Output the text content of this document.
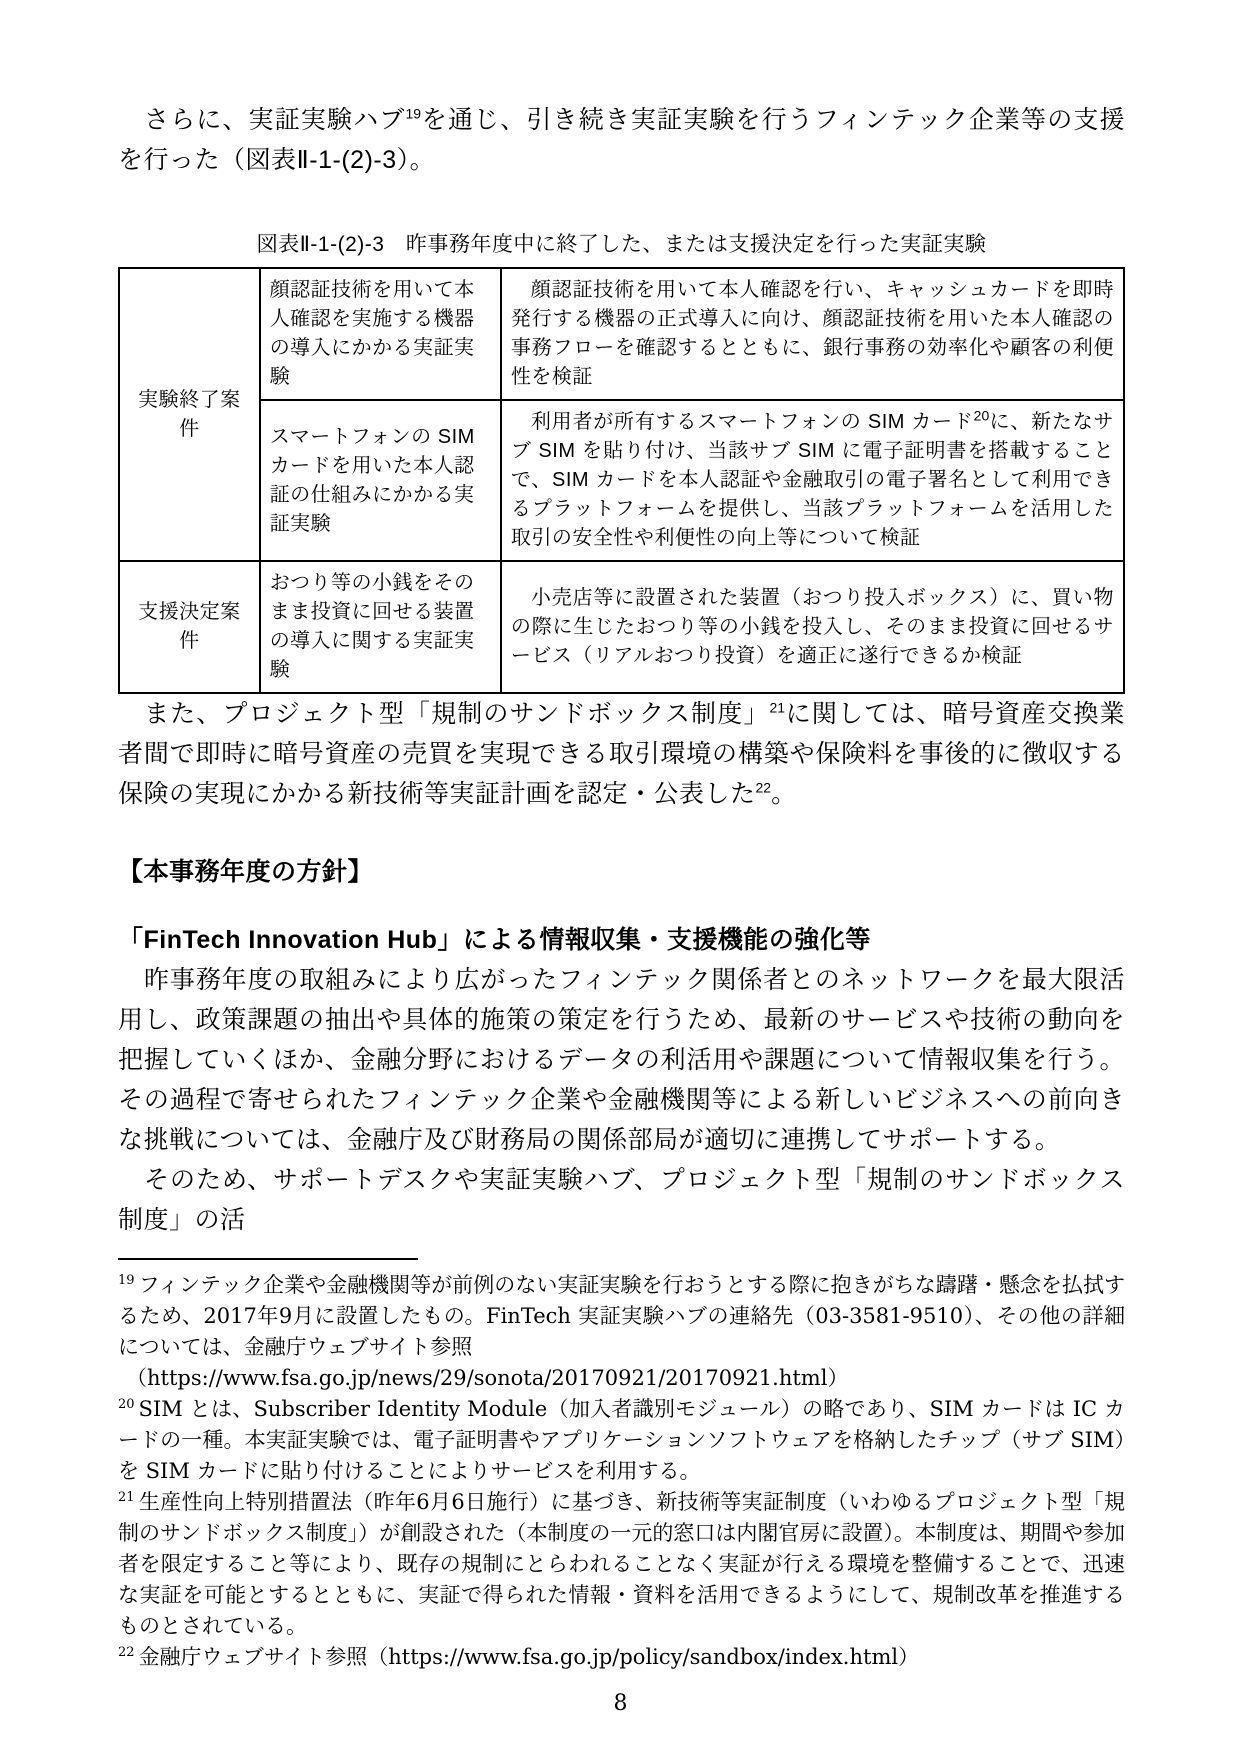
さらに、実証実験ハブ$^{19}$を通じ、引き続き実証実験を行うフィンテック企業等の支援を行った（図表Ⅱ-1-(2)-3）。

図表Ⅱ-1-(2)-3　昨事務年度中に終了した、または支援決定を行った実証実験

実験終了案件	顔認証技術を用いて本人確認を実施する機器の導入にかかる実証実験	顔認証技術を用いて本人確認を行い、キャッシュカードを即時発行する機器の正式導入に向け、顔認証技術を用いた本人確認の事務フローを確認するとともに、銀行事務の効率化や顧客の利便性を検証
	スマートフォンの SIM カードを用いた本人認証の仕組みにかかる実証実験	利用者が所有するスマートフォンの SIM カード$^{20}$に、新たなサブ SIM を貼り付け、当該サブ SIM に電子証明書を搭載することで、SIM カードを本人認証や金融取引の電子署名として利用できるプラットフォームを提供し、当該プラットフォームを活用した取引の安全性や利便性の向上等について検証
支援決定案件	おつり等の小銭をそのまま投資に回せる装置の導入に関する実証実験	小売店等に設置された装置（おつり投入ボックス）に、買い物の際に生じたおつり等の小銭を投入し、そのまま投資に回せるサービス（リアルおつり投資）を適正に遂行できるか検証

また、プロジェクト型「規制のサンドボックス制度」$^{21}$に関しては、暗号資産交換業者間で即時に暗号資産の売買を実現できる取引環境の構築や保険料を事後的に徴収する保険の実現にかかる新技術等実証計画を認定・公表した$^{22}$。

【本事務年度の方針】

「FinTech Innovation Hub」による情報収集・支援機能の強化等

昨事務年度の取組みにより広がったフィンテック関係者とのネットワークを最大限活用し、政策課題の抽出や具体的施策の策定を行うため、最新のサービスや技術の動向を把握していくほか、金融分野におけるデータの利活用や課題について情報収集を行う。その過程で寄せられたフィンテック企業や金融機関等による新しいビジネスへの前向きな挑戦については、金融庁及び財務局の関係部局が適切に連携してサポートする。

そのため、サポートデスクや実証実験ハブ、プロジェクト型「規制のサンドボックス制度」の活

$^{19}$ フィンテック企業や金融機関等が前例のない実証実験を行おうとする際に抱きがちな躊躇・懸念を払拭するため、2017年9月に設置したもの。FinTech 実証実験ハブの連絡先（03-3581-9510）、その他の詳細については、金融庁ウェブサイト参照
（https://www.fsa.go.jp/news/29/sonota/20170921/20170921.html）

$^{20}$ SIM とは、Subscriber Identity Module（加入者識別モジュール）の略であり、SIM カードは IC カードの一種。本実証実験では、電子証明書やアプリケーションソフトウェアを格納したチップ（サブ SIM）を SIM カードに貼り付けることによりサービスを利用する。

$^{21}$ 生産性向上特別措置法（昨年6月6日施行）に基づき、新技術等実証制度（いわゆるプロジェクト型「規制のサンドボックス制度」）が創設された（本制度の一元的窓口は内閣官房に設置）。本制度は、期間や参加者を限定すること等により、既存の規制にとらわれることなく実証が行える環境を整備することで、迅速な実証を可能とするとともに、実証で得られた情報・資料を活用できるようにして、規制改革を推進するものとされている。

$^{22}$ 金融庁ウェブサイト参照（https://www.fsa.go.jp/policy/sandbox/index.html）

8
